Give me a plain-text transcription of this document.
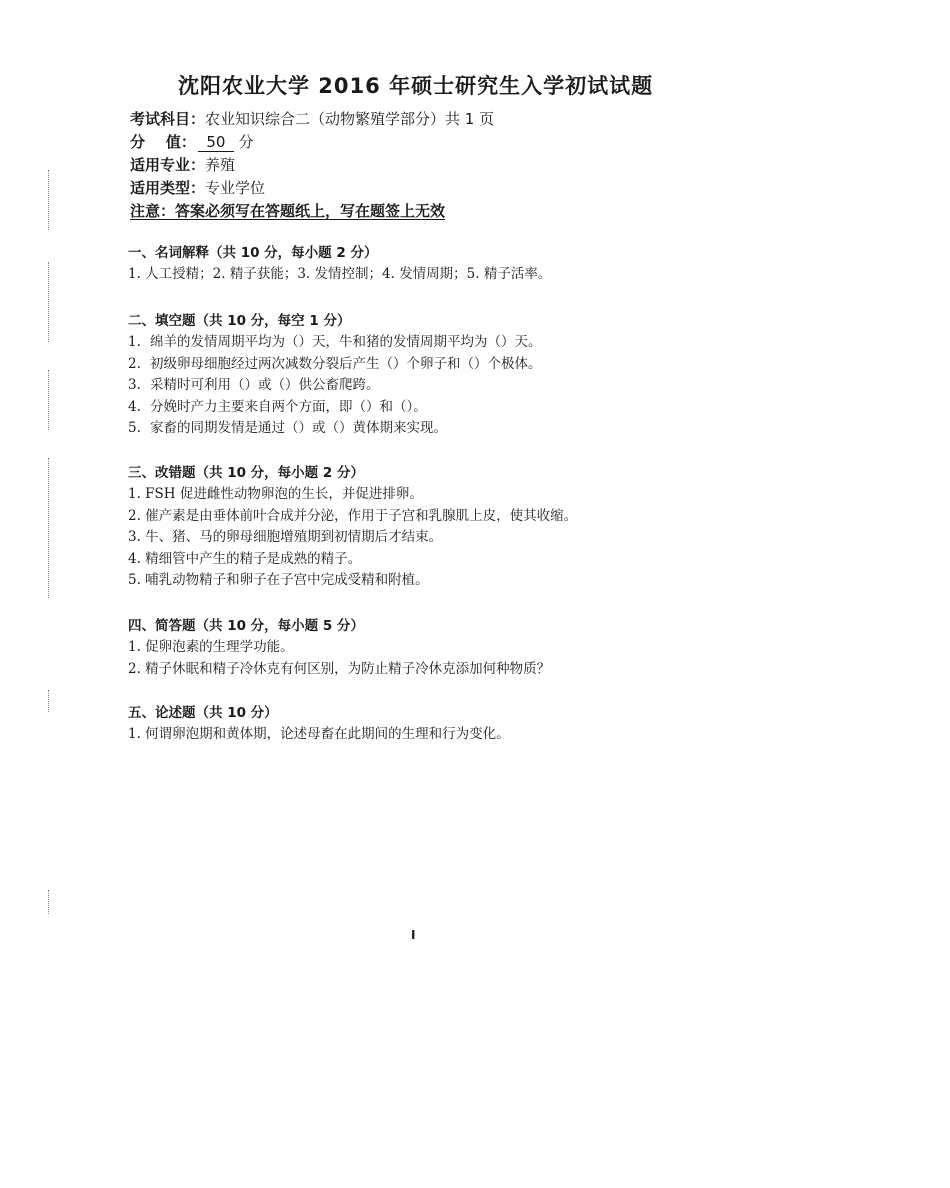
沈阳农业大学 2016 年硕士研究生入学初试试题
考试科目：农业知识综合二（动物繁殖学部分）共 1 页
分    值： 50 分
适用专业：养殖
适用类型：专业学位
注意：答案必须写在答题纸上，写在题签上无效
一、名词解释（共 10 分，每小题 2 分）
1. 人工授精；2. 精子获能；3. 发情控制；4. 发情周期；5. 精子活率。
二、填空题（共 10 分，每空 1 分）
1. 绵羊的发情周期平均为（）天，牛和猪的发情周期平均为（）天。
2. 初级卵母细胞经过两次减数分裂后产生（）个卵子和（）个极体。
3. 采精时可利用（）或（）供公畜爬跨。
4. 分娩时产力主要来自两个方面，即（）和（）。
5. 家畜的同期发情是通过（）或（）黄体期来实现。
三、改错题（共 10 分，每小题 2 分）
1. FSH 促进雌性动物卵泡的生长，并促进排卵。
2. 催产素是由垂体前叶合成并分泌，作用于子宫和乳腺肌上皮，使其收缩。
3. 牛、猪、马的卵母细胞增殖期到初情期后才结束。
4. 精细管中产生的精子是成熟的精子。
5. 哺乳动物精子和卵子在子宫中完成受精和附植。
四、简答题（共 10 分，每小题 5 分）
1. 促卵泡素的生理学功能。
2. 精子休眠和精子冷休克有何区别，为防止精子冷休克添加何种物质？
五、论述题（共 10 分）
1. 何谓卵泡期和黄体期，论述母畜在此期间的生理和行为变化。
I
